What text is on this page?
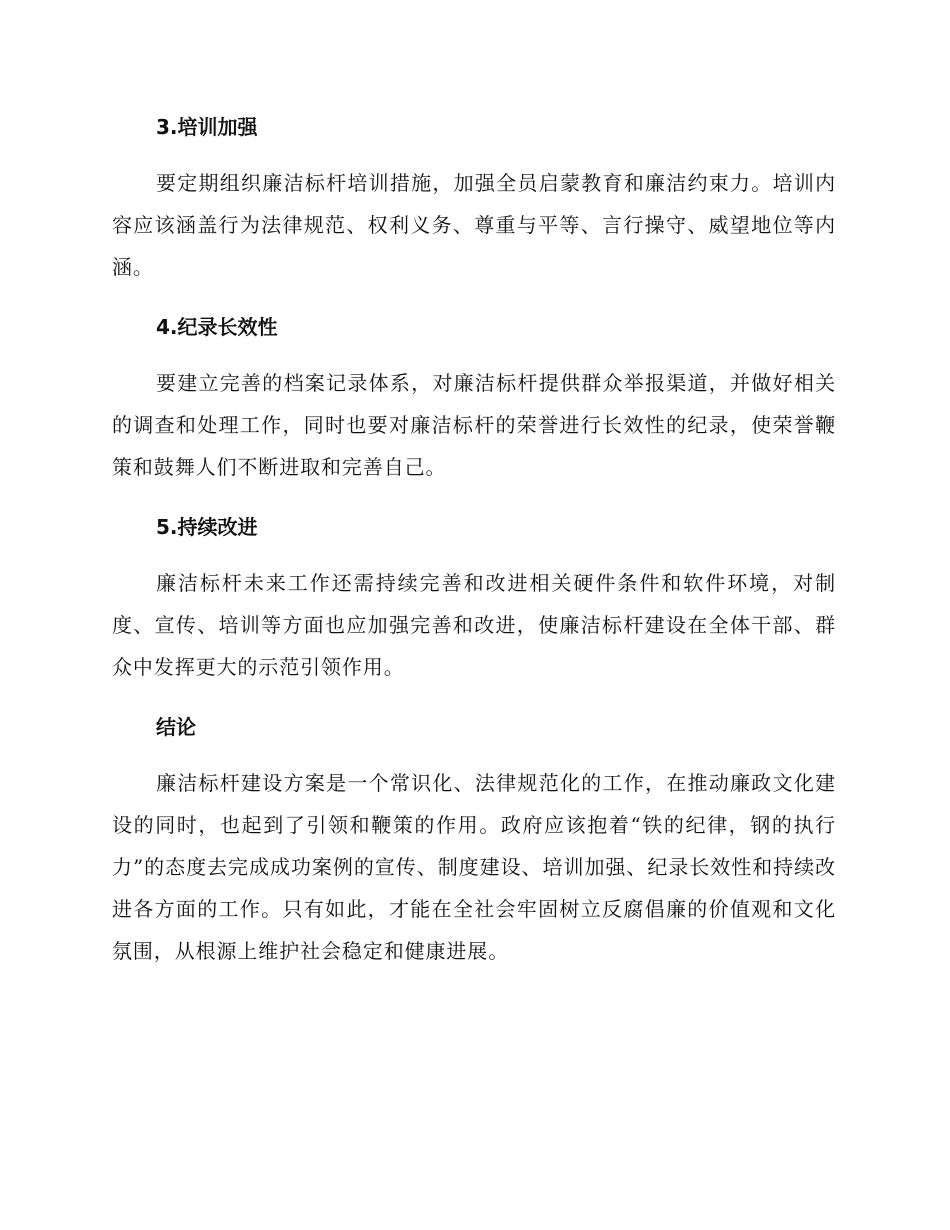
3.培训加强

要定期组织廉洁标杆培训措施，加强全员启蒙教育和廉洁约束力。培训内容应该涵盖行为法律规范、权利义务、尊重与平等、言行操守、威望地位等内涵。

4.纪录长效性

要建立完善的档案记录体系，对廉洁标杆提供群众举报渠道，并做好相关的调查和处理工作，同时也要对廉洁标杆的荣誉进行长效性的纪录，使荣誉鞭策和鼓舞人们不断进取和完善自己。

5.持续改进

廉洁标杆未来工作还需持续完善和改进相关硬件条件和软件环境，对制度、宣传、培训等方面也应加强完善和改进，使廉洁标杆建设在全体干部、群众中发挥更大的示范引领作用。

结论

廉洁标杆建设方案是一个常识化、法律规范化的工作，在推动廉政文化建设的同时，也起到了引领和鞭策的作用。政府应该抱着“铁的纪律，钢的执行力”的态度去完成成功案例的宣传、制度建设、培训加强、纪录长效性和持续改进各方面的工作。只有如此，才能在全社会牢固树立反腐倡廉的价值观和文化氛围，从根源上维护社会稳定和健康进展。
